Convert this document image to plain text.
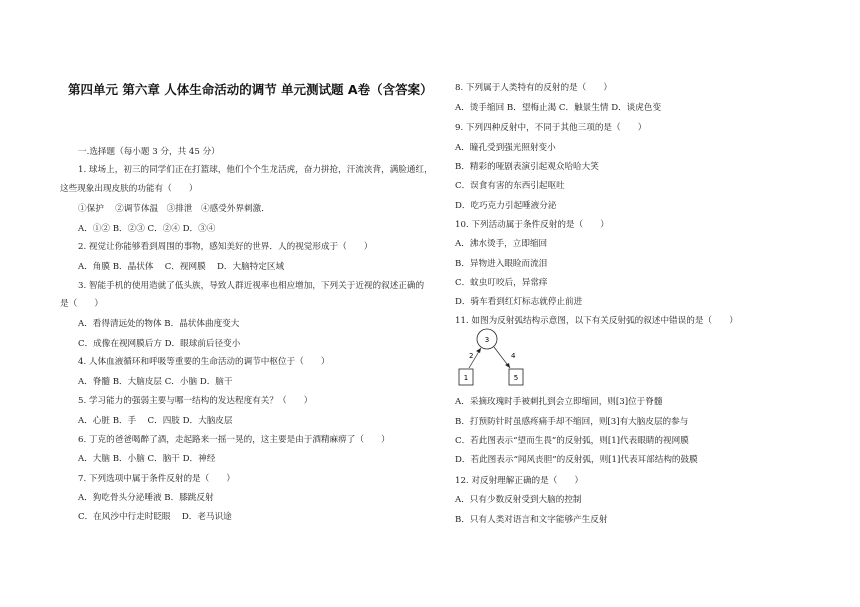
第四单元 第六章 人体生命活动的调节 单元测试题 A卷（含答案）
一.选择题（每小题 3 分，共 45 分）
1. 球场上，初三的同学们正在打篮球，他们个个生龙活虎，奋力拼抢，汗流浃背，满脸通红，
这些现象出现皮肤的功能有（　　）
①保护　 ②调节体温　③排泄　④感受外界刺激．
A．①② B．②③ C．②④ D．③④
2. 视觉让你能够看到周围的事物，感知美好的世界．人的视觉形成于（　　）
A．角膜 B．晶状体　 C．视网膜　 D．大脑特定区域
3. 智能手机的使用造就了低头族，导致人群近视率也相应增加，下列关于近视的叙述正确的
是（　　）
A．看得清远处的物体 B．晶状体曲度变大
C．成像在视网膜后方 D．眼球前后径变小
4. 人体血液循环和呼吸等重要的生命活动的调节中枢位于（　　）
A．脊髓 B．大脑皮层 C．小脑 D．脑干
5. 学习能力的强弱主要与哪一结构的发达程度有关？（　　）
A．心脏 B．手　 C．四肢 D．大脑皮层
6. 丁克的爸爸喝醉了酒，走起路来一摇一晃的，这主要是由于酒精麻痹了（　　）
A．大脑 B．小脑 C．脑干 D．神经
7. 下列选项中属于条件反射的是（　　）
A．狗吃骨头分泌唾液 B．膝跳反射
C．在风沙中行走时眨眼　 D．老马识途
8. 下列属于人类特有的反射的是（　　）
A．烫手缩回 B．望梅止渴 C．触景生情 D．谈虎色变
9. 下列四种反射中，不同于其他三项的是（　　）
A．瞳孔受到强光照射变小
B．精彩的哑剧表演引起观众哈哈大笑
C．误食有害的东西引起呕吐
D．吃巧克力引起唾液分泌
10. 下列活动属于条件反射的是（　　）
A．沸水烫手，立即缩回
B．异物进入眼睑而流泪
C．蚊虫叮咬后，异常痒
D．骑车看到红灯标志就停止前进
11. 如图为反射弧结构示意图，以下有关反射弧的叙述中错误的是（　　）
A．采摘玫瑰时手被刺扎到会立即缩回，则[3]位于脊髓
B．打预防针时虽感疼痛手却不缩回，则[3]有大脑皮层的参与
C．若此图表示“望而生畏”的反射弧，则[1]代表眼睛的视网膜
D．若此图表示“闻风丧胆”的反射弧，则[1]代表耳部结构的鼓膜
12. 对反射理解正确的是（　　）
A．只有少数反射受到大脑的控制
B．只有人类对语言和文字能够产生反射
3
2	4
1	5
